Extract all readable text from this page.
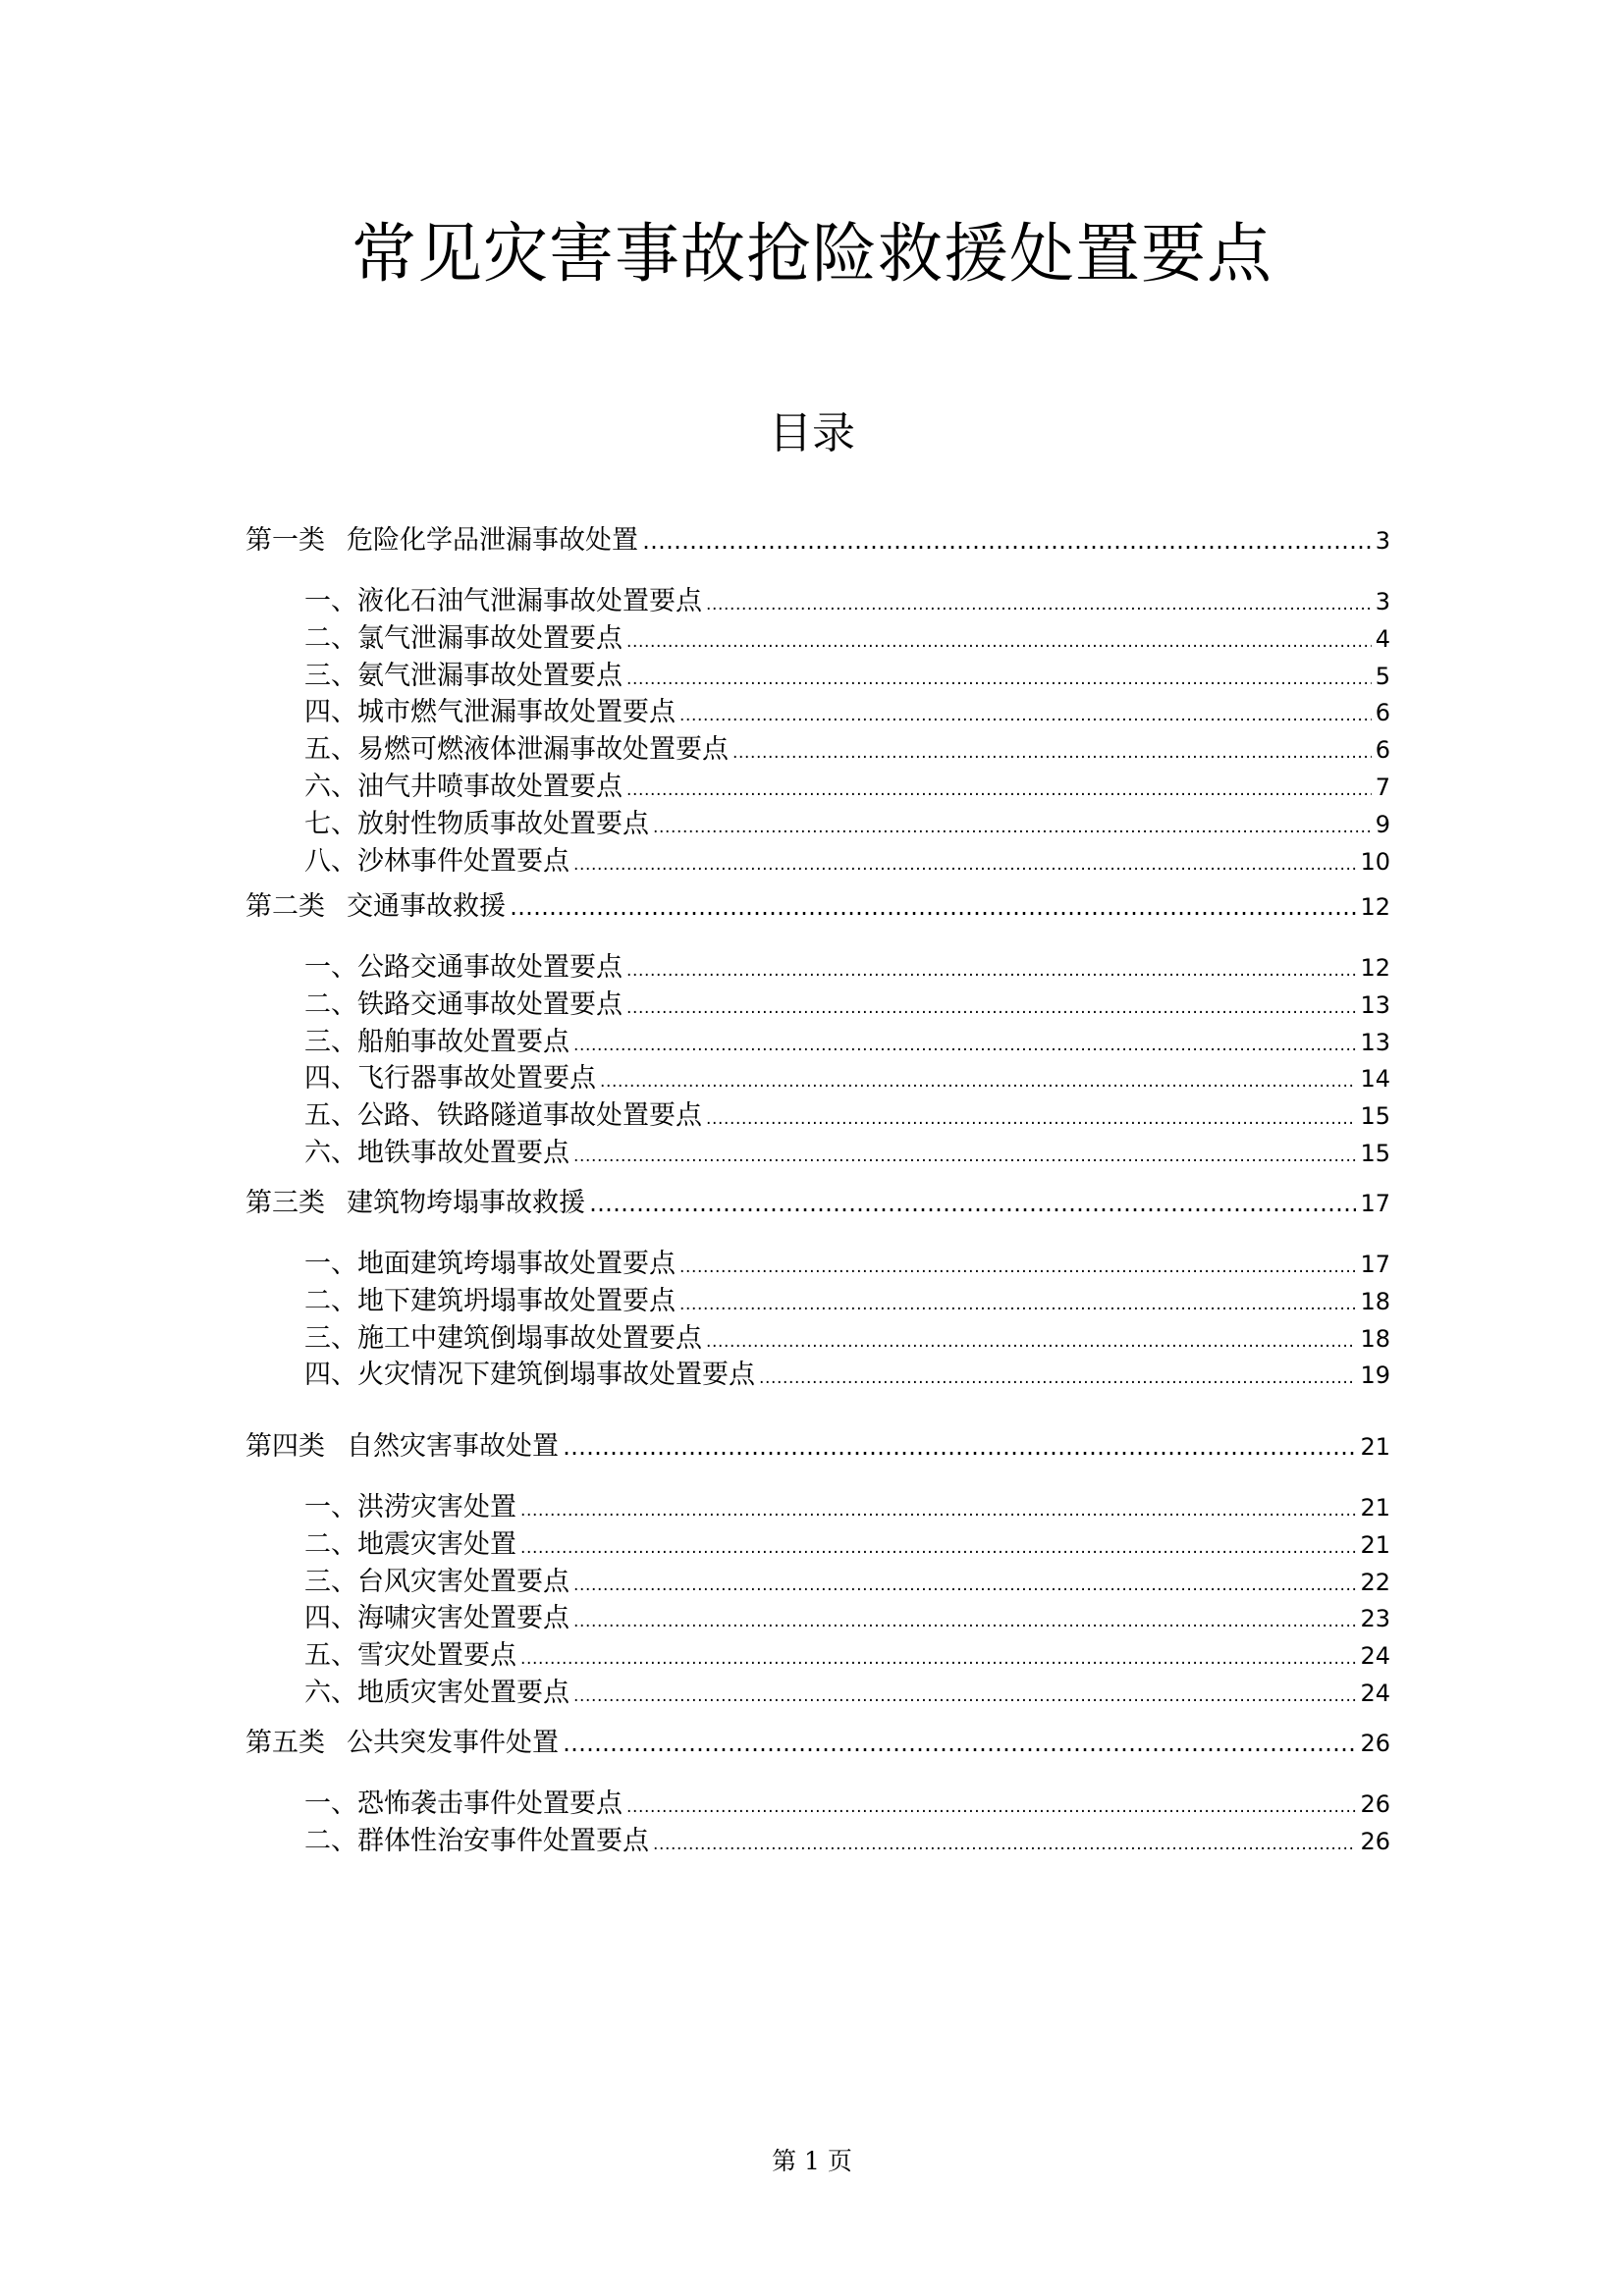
常见灾害事故抢险救援处置要点
目录
第一类 危险化学品泄漏事故处置 ……………………………………………………………………………………………………………………………………………………………………………………………………	3
一、 液化石油气泄漏事故处置要点 .....	3
二、 氯气泄漏事故处置要点 .....	4
三、 氨气泄漏事故处置要点 .....	5
四、 城市燃气泄漏事故处置要点 .....	6
五、 易燃可燃液体泄漏事故处置要点 .....	6
六、 油气井喷事故处置要点 .....	7
七、 放射性物质事故处置要点 .....	9
八、 沙林事件处置要点 .....	10
第二类 交通事故救援 ……………………………………………………………………………………………………………………………………………………………………………………………………	12
一、 公路交通事故处置要点 .....	12
二、 铁路交通事故处置要点 .....	13
三、 船舶事故处置要点 .....	13
四、 飞行器事故处置要点 .....	14
五、 公路、铁路隧道事故处置要点 .....	15
六、 地铁事故处置要点 .....	15
第三类 建筑物垮塌事故救援 ……………………………………………………………………………………………………………………………………………………………………………………………………	17
一、 地面建筑垮塌事故处置要点 .....	17
二、 地下建筑坍塌事故处置要点 .....	18
三、 施工中建筑倒塌事故处置要点 .....	18
四、 火灾情况下建筑倒塌事故处置要点 .....	19
第四类 自然灾害事故处置 ……………………………………………………………………………………………………………………………………………………………………………………………………	21
一、 洪涝灾害处置 .....	21
二、 地震灾害处置 .....	21
三、 台风灾害处置要点 .....	22
四、 海啸灾害处置要点 .....	23
五、 雪灾处置要点 .....	24
六、 地质灾害处置要点 .....	24
第五类 公共突发事件处置 ……………………………………………………………………………………………………………………………………………………………………………………………………	26
一、 恐怖袭击事件处置要点 .....	26
二、 群体性治安事件处置要点 .....	26
第 1 页
